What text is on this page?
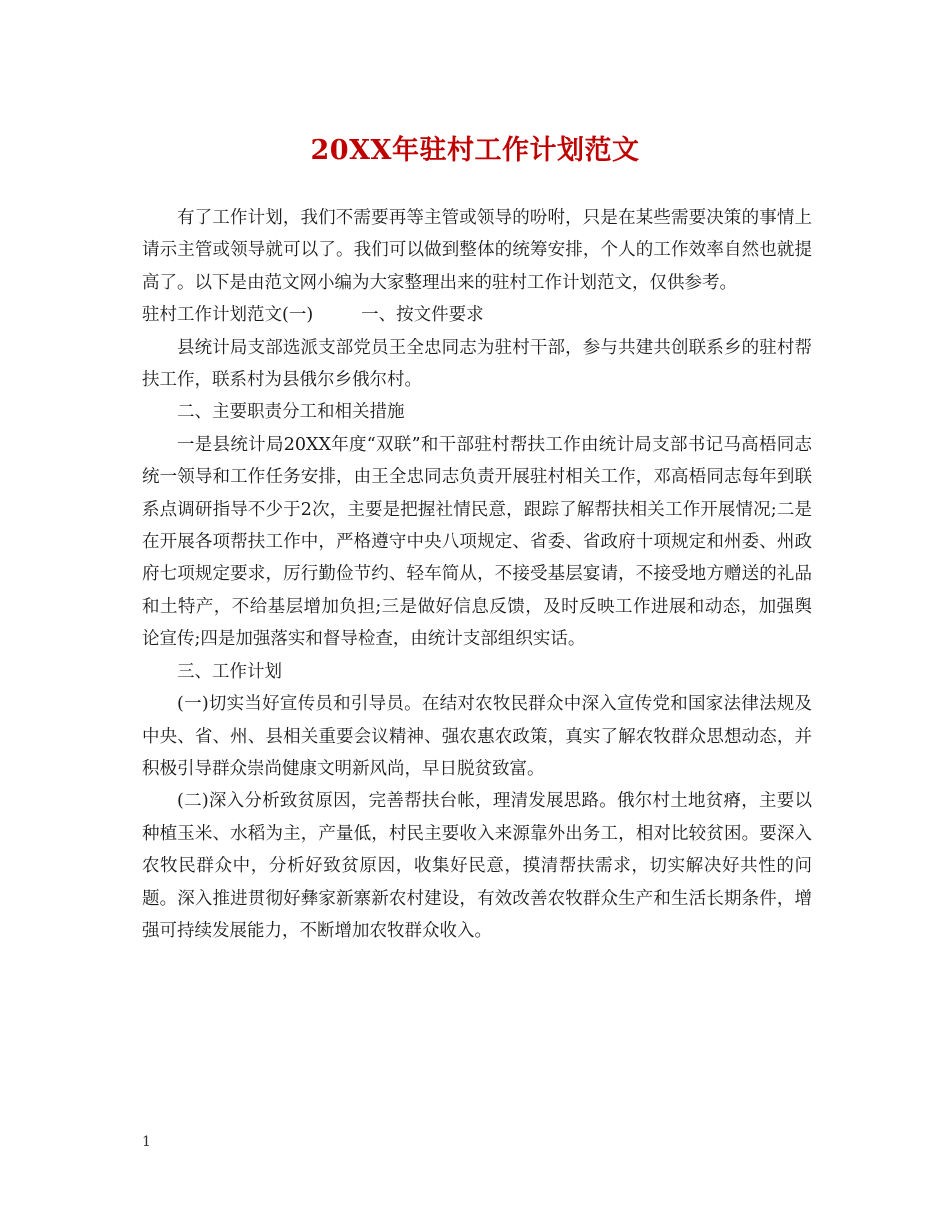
20XX年驻村工作计划范文

有了工作计划，我们不需要再等主管或领导的吩咐，只是在某些需要决策的事情上请示主管或领导就可以了。我们可以做到整体的统筹安排，个人的工作效率自然也就提高了。以下是由范文网小编为大家整理出来的驻村工作计划范文，仅供参考。

驻村工作计划范文(一)	一、按文件要求

县统计局支部选派支部党员王全忠同志为驻村干部，参与共建共创联系乡的驻村帮扶工作，联系村为县俄尔乡俄尔村。

二、主要职责分工和相关措施

一是县统计局20XX年度“双联”和干部驻村帮扶工作由统计局支部书记马高梧同志统一领导和工作任务安排，由王全忠同志负责开展驻村相关工作，邓高梧同志每年到联系点调研指导不少于2次，主要是把握社情民意，跟踪了解帮扶相关工作开展情况;二是在开展各项帮扶工作中，严格遵守中央八项规定、省委、省政府十项规定和州委、州政府七项规定要求，厉行勤俭节约、轻车简从，不接受基层宴请，不接受地方赠送的礼品和土特产，不给基层增加负担;三是做好信息反馈，及时反映工作进展和动态，加强舆论宣传;四是加强落实和督导检查，由统计支部组织实话。

三、工作计划

(一)切实当好宣传员和引导员。在结对农牧民群众中深入宣传党和国家法律法规及中央、省、州、县相关重要会议精神、强农惠农政策，真实了解农牧群众思想动态，并积极引导群众崇尚健康文明新风尚，早日脱贫致富。

(二)深入分析致贫原因，完善帮扶台帐，理清发展思路。俄尔村土地贫瘠，主要以种植玉米、水稻为主，产量低，村民主要收入来源靠外出务工，相对比较贫困。要深入农牧民群众中，分析好致贫原因，收集好民意，摸清帮扶需求，切实解决好共性的问题。深入推进贯彻好彝家新寨新农村建设，有效改善农牧群众生产和生活长期条件，增强可持续发展能力，不断增加农牧群众收入。

1
